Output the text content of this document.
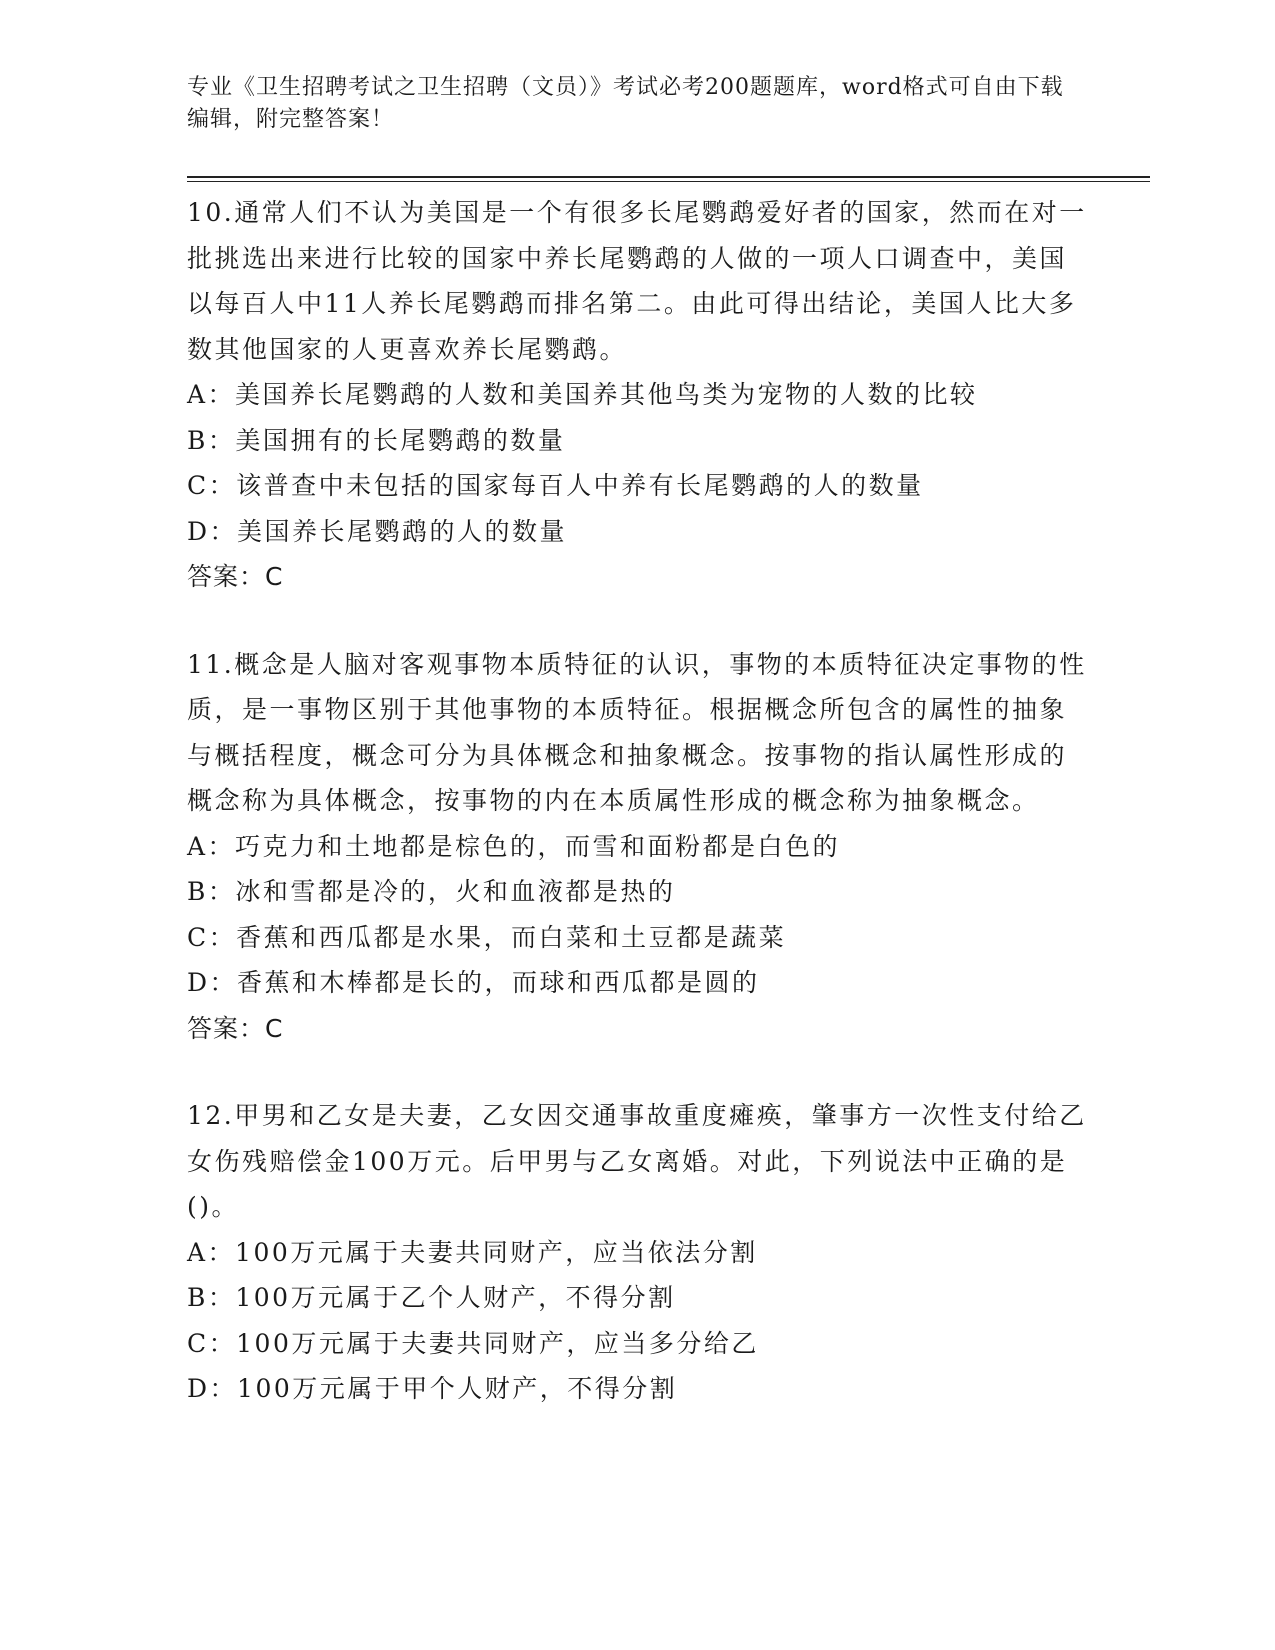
专业《卫生招聘考试之卫生招聘（文员）》考试必考200题题库，word格式可自由下载编辑，附完整答案！

10.通常人们不认为美国是一个有很多长尾鹦鹉爱好者的国家，然而在对一批挑选出来进行比较的国家中养长尾鹦鹉的人做的一项人口调查中，美国以每百人中11人养长尾鹦鹉而排名第二。由此可得出结论，美国人比大多数其他国家的人更喜欢养长尾鹦鹉。

A：美国养长尾鹦鹉的人数和美国养其他鸟类为宠物的人数的比较

B：美国拥有的长尾鹦鹉的数量

C：该普查中未包括的国家每百人中养有长尾鹦鹉的人的数量

D：美国养长尾鹦鹉的人的数量

答案：C

11.概念是人脑对客观事物本质特征的认识，事物的本质特征决定事物的性质，是一事物区别于其他事物的本质特征。根据概念所包含的属性的抽象与概括程度，概念可分为具体概念和抽象概念。按事物的指认属性形成的概念称为具体概念，按事物的内在本质属性形成的概念称为抽象概念。

A：巧克力和土地都是棕色的，而雪和面粉都是白色的

B：冰和雪都是冷的，火和血液都是热的

C：香蕉和西瓜都是水果，而白菜和土豆都是蔬菜

D：香蕉和木棒都是长的，而球和西瓜都是圆的

答案：C

12.甲男和乙女是夫妻，乙女因交通事故重度瘫痪，肇事方一次性支付给乙女伤残赔偿金100万元。后甲男与乙女离婚。对此，下列说法中正确的是()。

A：100万元属于夫妻共同财产，应当依法分割

B：100万元属于乙个人财产，不得分割

C：100万元属于夫妻共同财产，应当多分给乙

D：100万元属于甲个人财产，不得分割
